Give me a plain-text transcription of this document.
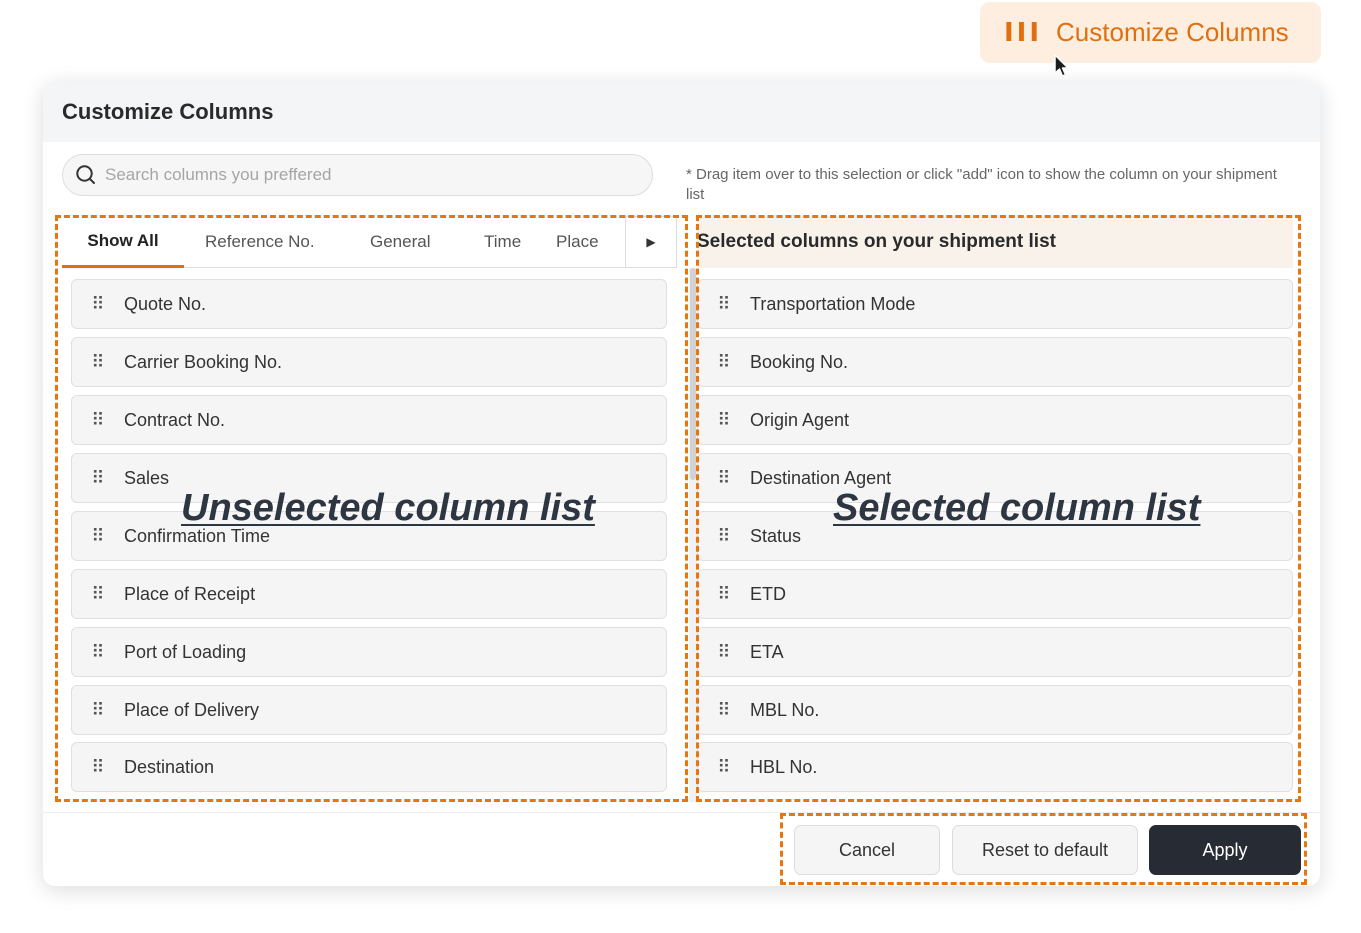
III Customize Columns
Customize Columns
Search columns you preffered
* Drag item over to this selection or click "add" icon to show the column on your shipment list
Show All	Reference No.	General	Time Place	▶
⠿	Quote No.
⠿	Carrier Booking No.
⠿	Contract No.
⠿	Sales
⠿	Confirmation Time
⠿	Place of Receipt
⠿	Port of Loading
⠿	Place of Delivery
⠿	Destination
Selected columns on your shipment list
⠿	Transportation Mode
⠿	Booking No.
⠿	Origin Agent
⠿	Destination Agent
⠿	Status
⠿	ETD
⠿	ETA
⠿	MBL No.
⠿	HBL No.
Cancel	Reset to default	Apply
Unselected column list	Selected column list
